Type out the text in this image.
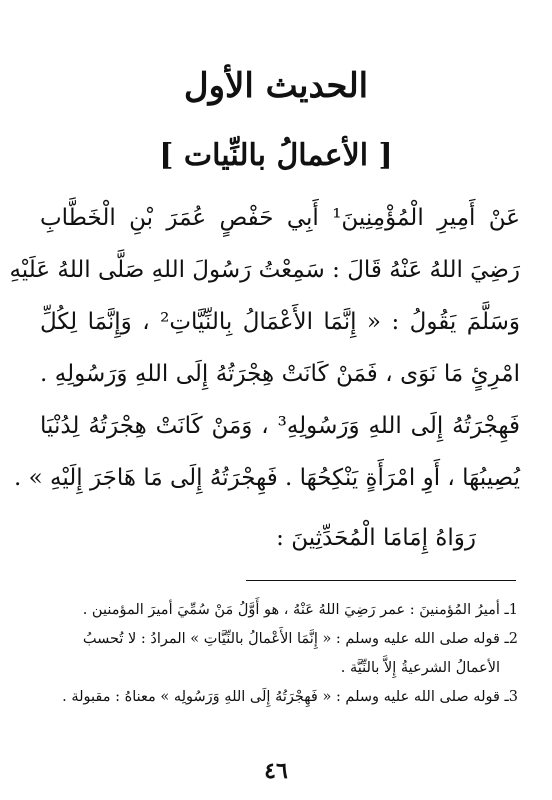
الحديث الأول
[ الأعمالُ بالنِّيات ]
عَنْ أَمِيرِ الْمُؤْمِنِينَ¹ أَبِي حَفْصٍ عُمَرَ بْنِ الْخَطَّابِ
رَضِيَ اللهُ عَنْهُ قَالَ : سَمِعْتُ رَسُولَ اللهِ صَلَّى اللهُ عَلَيْهِ
وَسَلَّمَ يَقُولُ : « إِنَّمَا الأَعْمَالُ بِالنِّيَّاتِ² ، وَإِنَّمَا لِكُلِّ
امْرِئٍ مَا نَوَى ، فَمَنْ كَانَتْ هِجْرَتُهُ إِلَى اللهِ وَرَسُولِهِ .
فَهِجْرَتُهُ إِلَى اللهِ وَرَسُولِهِ³ ، وَمَنْ كَانَتْ هِجْرَتُهُ لِدُنْيَا
يُصِيبُهَا ، أَوِ امْرَأَةٍ يَنْكِحُهَا . فَهِجْرَتُهُ إِلَى مَا هَاجَرَ إِلَيْهِ » .
رَوَاهُ إِمَامَا الْمُحَدِّثِينَ :
1ـ أميرُ المُؤمنينَ : عمر رَضِيَ اللهُ عَنْهُ ، هو أَوَّلُ مَنْ سُمِّيَ أميرَ المؤمنين .
2ـ قوله صلى الله عليه وسلم : « إِنَّمَا الأَعْمالُ بالنِّيَّاتِ » المرادُ : لا تُحسبُ
الأعمالُ الشرعيةُ إِلاَّ بالنِّيَّة .
3ـ قوله صلى الله عليه وسلم : « فَهِجْرَتُهُ إِلَى اللهِ وَرَسُولِه » معناهُ : مقبولة .
٤٦
